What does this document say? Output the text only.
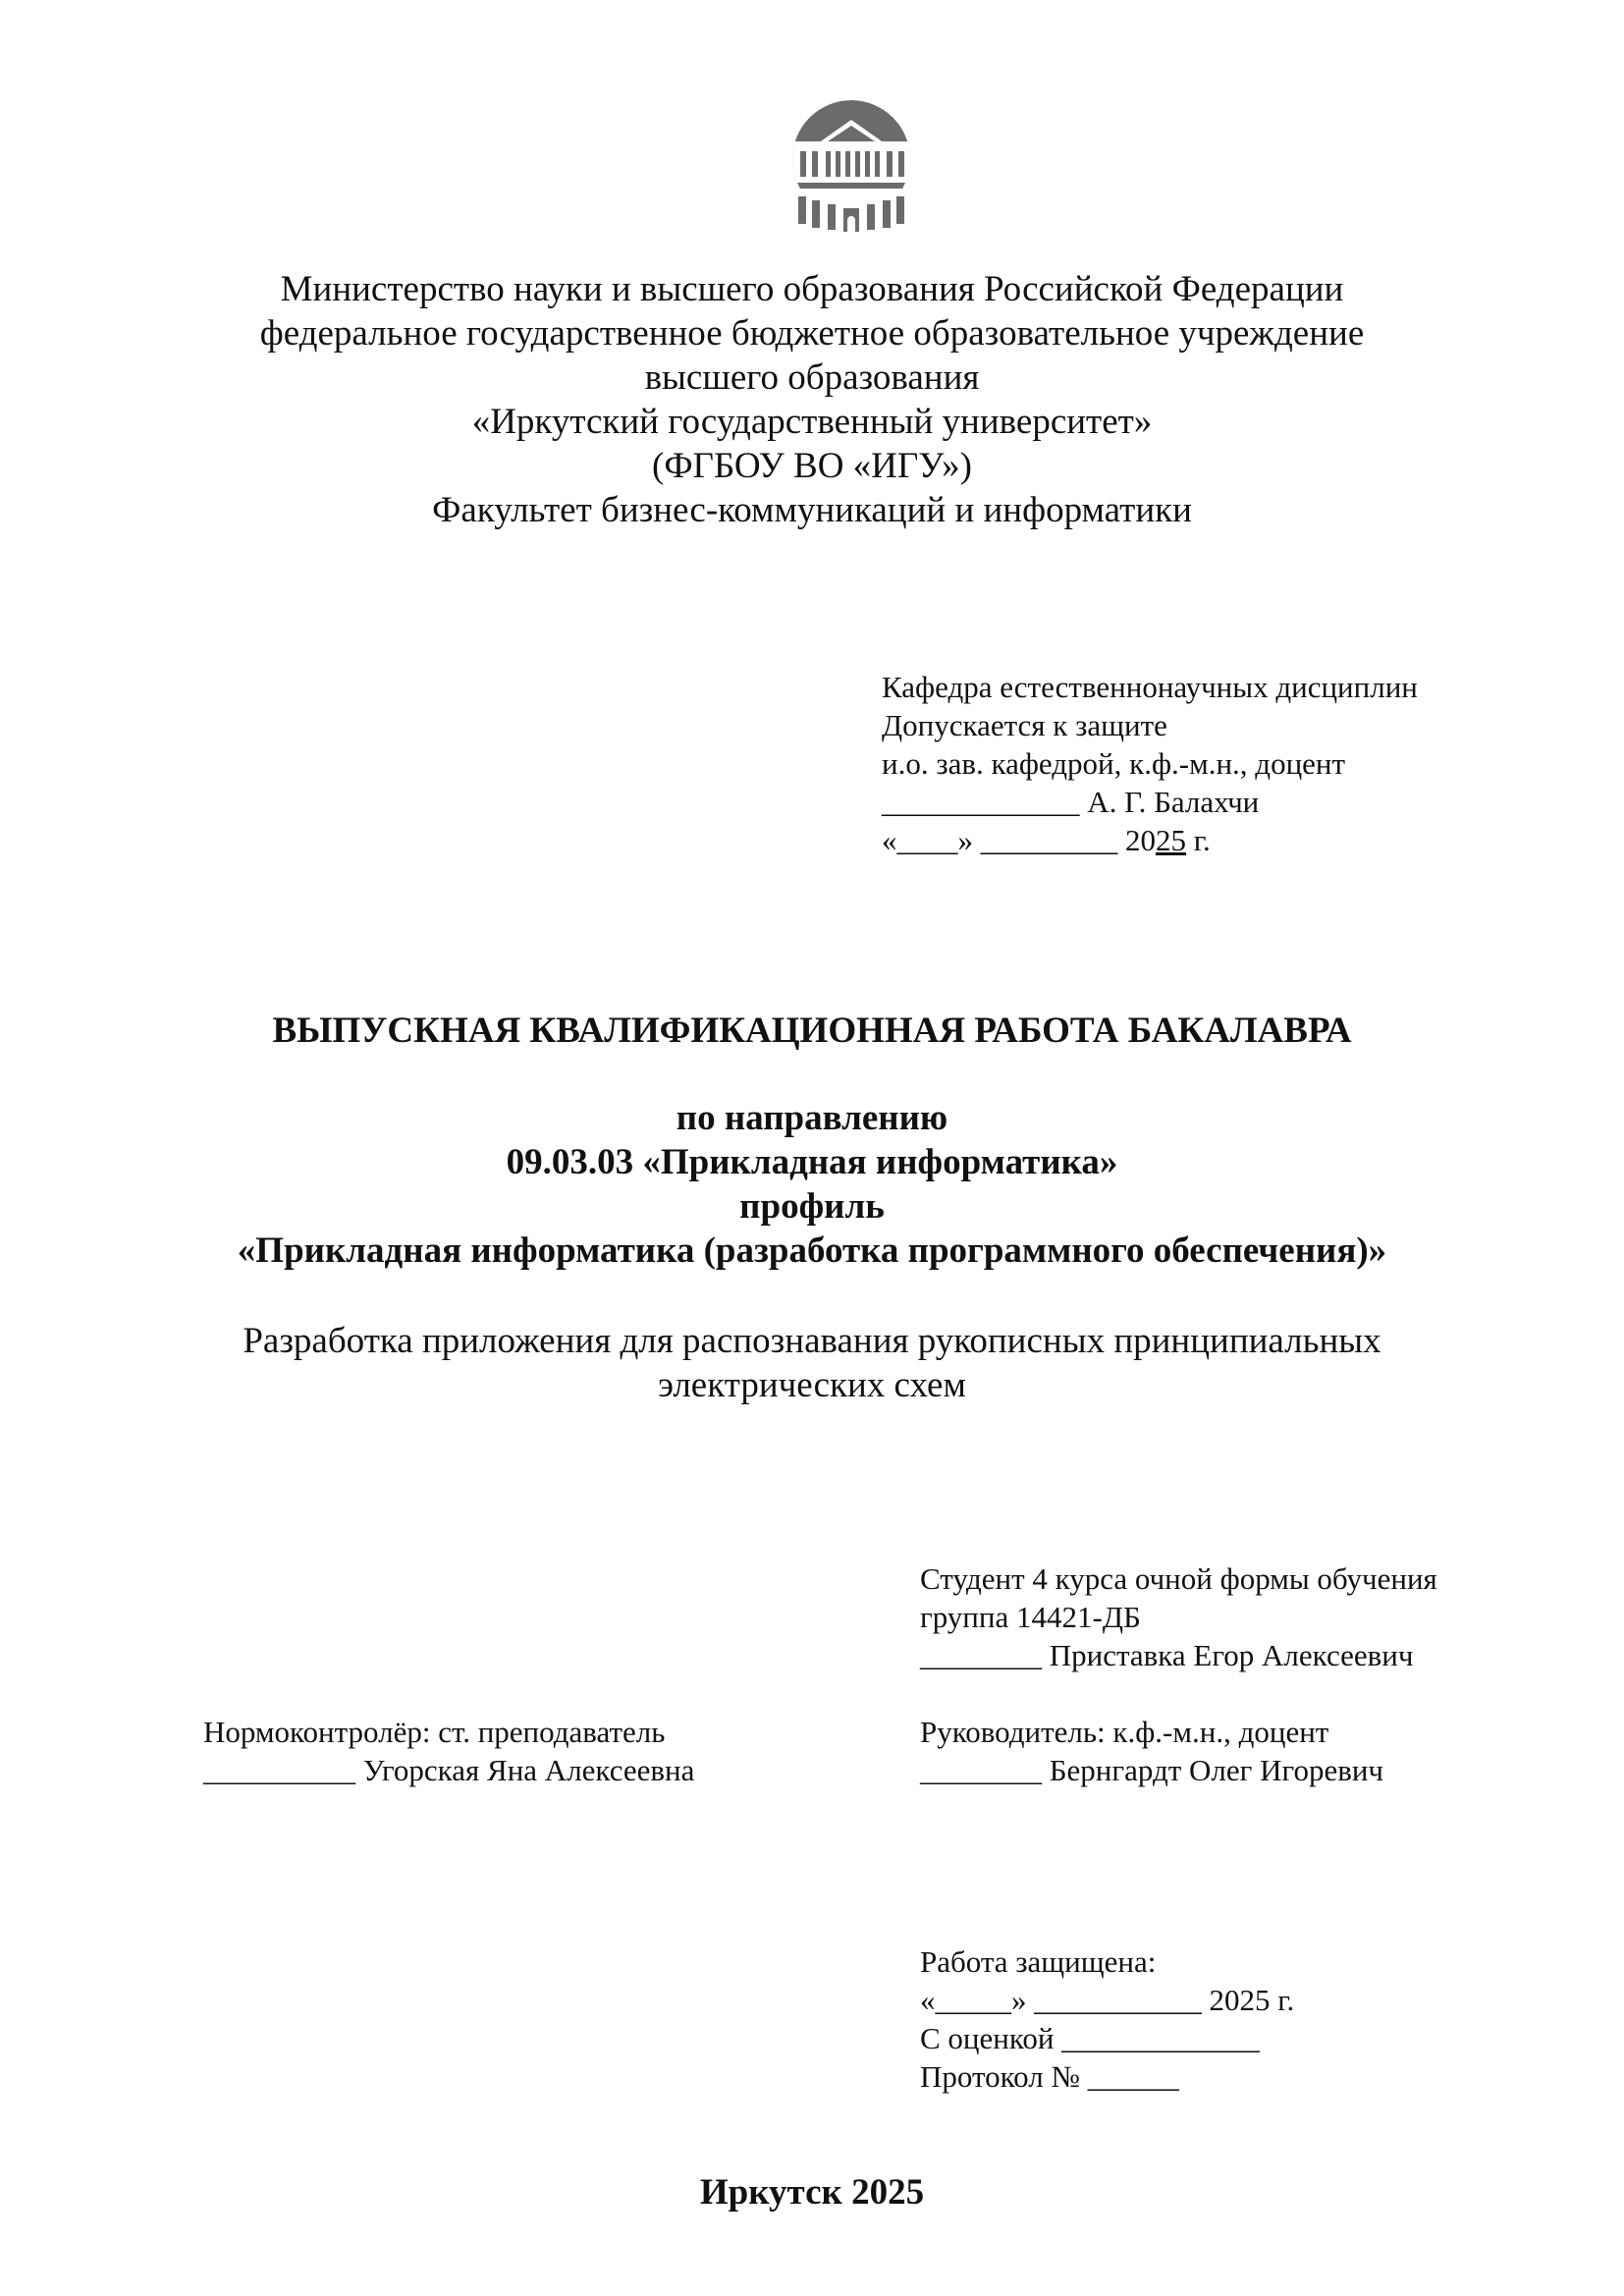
Министерство науки и высшего образования Российской Федерации
федеральное государственное бюджетное образовательное учреждение
высшего образования
«Иркутский государственный университет»
(ФГБОУ ВО «ИГУ»)
Факультет бизнес-коммуникаций и информатики
Кафедра естественнонаучных дисциплин
Допускается к защите
и.о. зав. кафедрой, к.ф.-м.н., доцент
_____________ А. Г. Балахчи
«____» _________ 2025 г.
ВЫПУСКНАЯ КВАЛИФИКАЦИОННАЯ РАБОТА БАКАЛАВРА
по направлению
09.03.03 «Прикладная информатика»
профиль
«Прикладная информатика (разработка программного обеспечения)»
Разработка приложения для распознавания рукописных принципиальных
электрических схем
Студент 4 курса очной формы обучения
группа 14421-ДБ
________ Приставка Егор Алексеевич
Нормоконтролёр: ст. преподаватель
__________ Угорская Яна Алексеевна
Руководитель: к.ф.-м.н., доцент
________ Бернгардт Олег Игоревич
Работа защищена:
«_____» ___________ 2025 г.
С оценкой _____________
Протокол № ______
Иркутск 2025
